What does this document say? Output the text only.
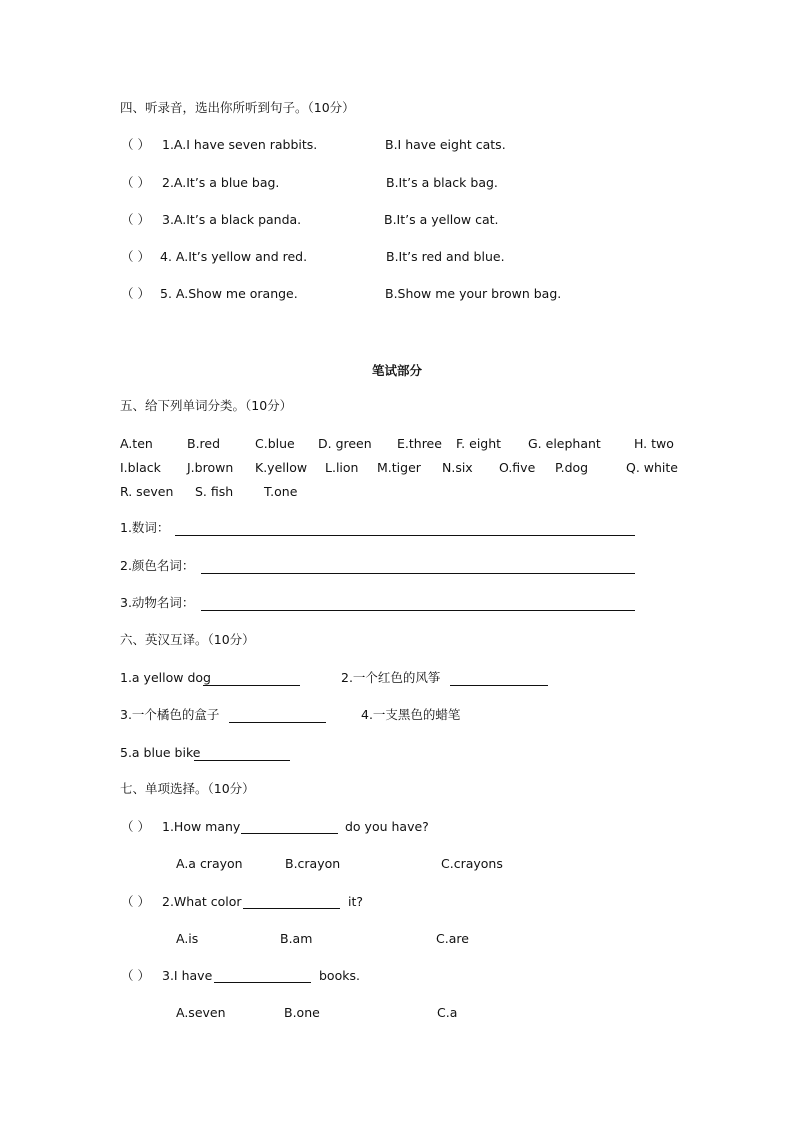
四、听录音，选出你所听到句子。（10分）
（ ） 1.A.I have seven rabbits.	B.I have eight cats.
（ ） 2.A.It’s a blue bag.	B.It’s a black bag.
（ ） 3.A.It’s a black panda.	B.It’s a yellow cat.
（ ） 4. A.It’s yellow and red.	B.It’s red and blue.
（ ） 5. A.Show me orange.	B.Show me your brown bag.
笔试部分
五、给下列单词分类。（10分）
A.ten	B.red	C.blue D. green E.three F. eight G. elephant	H. two
I.black J.brown K.yellow L.lion M.tiger N.six O.five P.dog	Q. white
R. seven S. fish T.one
1.数词：
2.颜色名词：
3.动物名词：
六、英汉互译。（10分）
1.a yellow dog	2.一个红色的风筝
3.一个橘色的盒子	4.一支黑色的蜡笔
5.a blue bike
七、单项选择。（10分）
（ ） 1.How many	do you have?
A.a crayon	B.crayon	C.crayons
（ ） 2.What color	it?
A.is	B.am	C.are
（ ） 3.I have	books.
A.seven	B.one	C.a
